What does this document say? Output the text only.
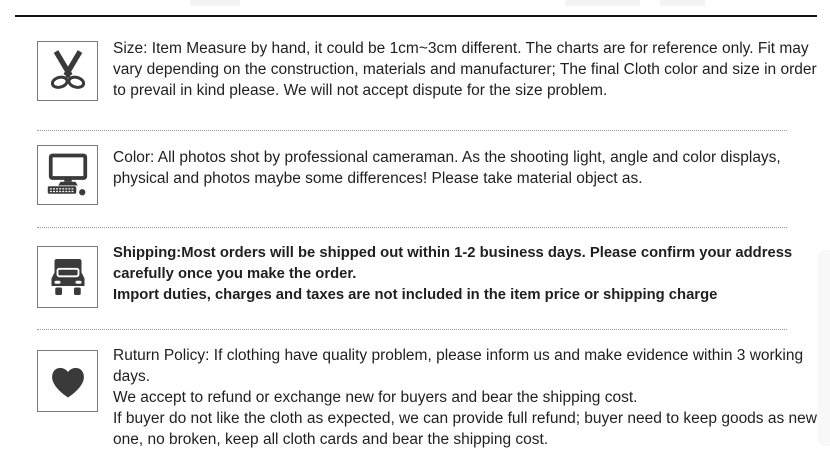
Size: Item Measure by hand, it could be 1cm~3cm different. The charts are for reference only. Fit may vary depending on the construction, materials and manufacturer; The final Cloth color and size in order to prevail in kind please. We will not accept dispute for the size problem.
Color: All photos shot by professional cameraman. As the shooting light, angle and color displays, physical and photos maybe some differences! Please take material object as.
Shipping:Most orders will be shipped out within 1-2 business days. Please confirm your address carefully once you make the order.
Import duties, charges and taxes are not included in the item price or shipping charge
Ruturn Policy: If clothing have quality problem, please inform us and make evidence within 3 working days.
We accept to refund or exchange new for buyers and bear the shipping cost.
If buyer do not like the cloth as expected, we can provide full refund; buyer need to keep goods as new one, no broken, keep all cloth cards and bear the shipping cost.
